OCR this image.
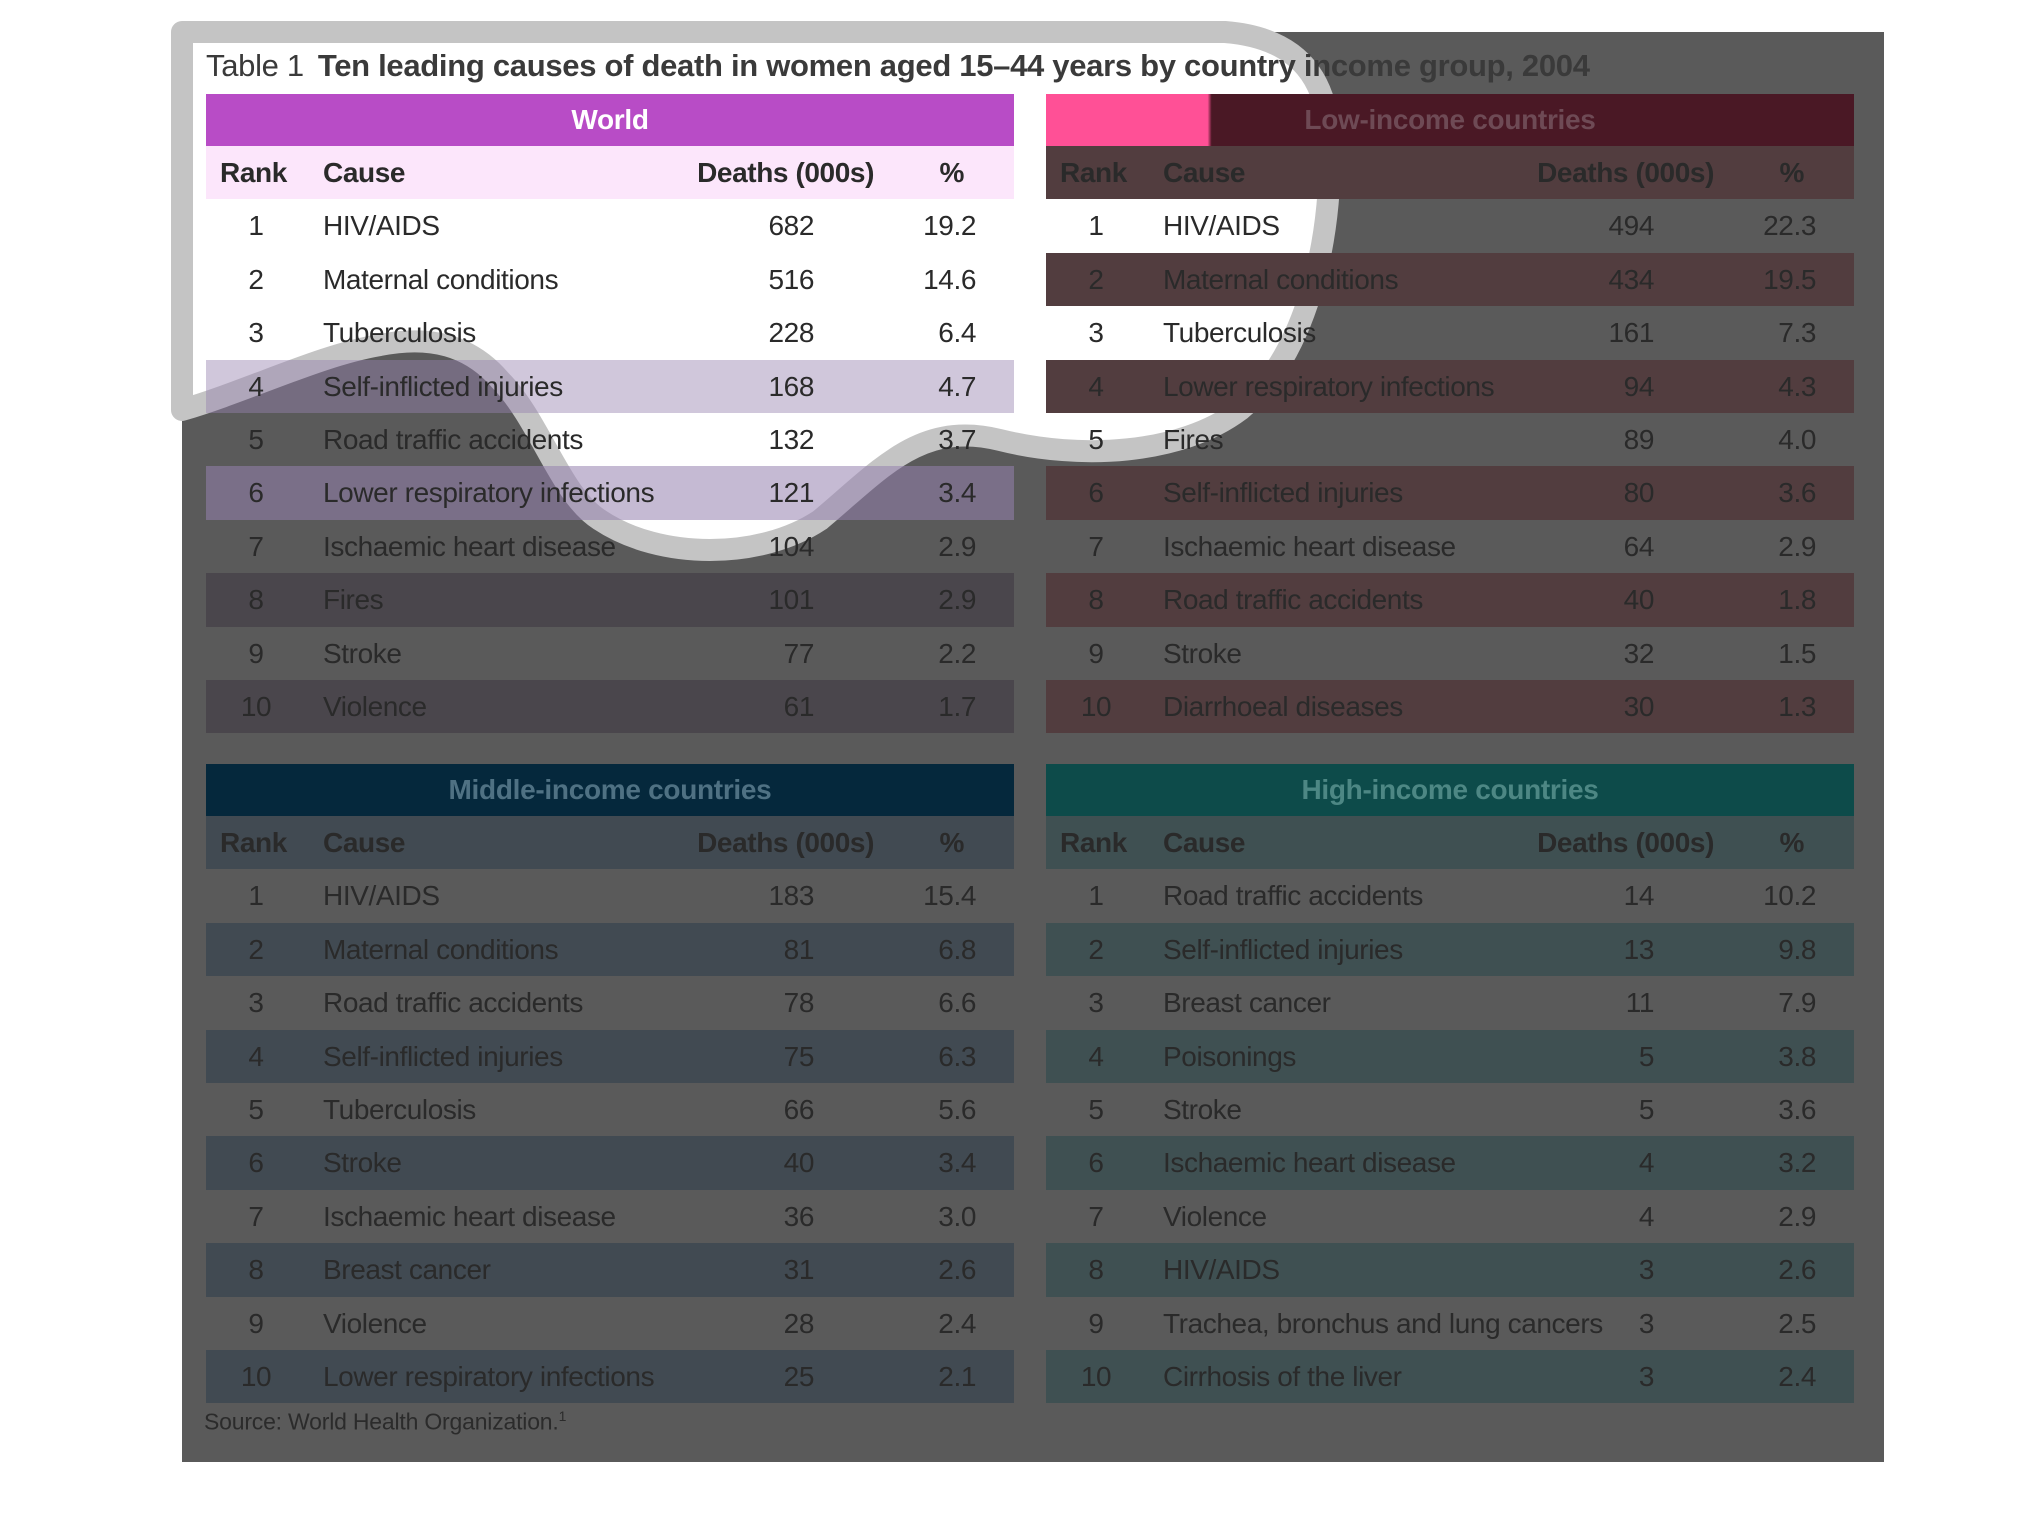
Table 1 Ten leading causes of death in women aged 15–44 years by country income group, 2004
World
Rank Cause	Deaths (000s) %
1	HIV/AIDS	682	19.2
2	Maternal conditions	516	14.6
3	Tuberculosis	228	6.4
4	Self-inflicted injuries	168	4.7
5	Road traffic accidents	132	3.7
6	Lower respiratory infections	121	3.4
7	Ischaemic heart disease	104	2.9
8	Fires	101	2.9
9	Stroke	77	2.2
10	Violence	61	1.7
Low-income countries
Rank Cause	Deaths (000s) %
1	HIV/AIDS	494	22.3
2	Maternal conditions	434	19.5
3	Tuberculosis	161	7.3
4	Lower respiratory infections	94	4.3
5	Fires	89	4.0
6	Self-inflicted injuries	80	3.6
7	Ischaemic heart disease	64	2.9
8	Road traffic accidents	40	1.8
9	Stroke	32	1.5
10	Diarrhoeal diseases	30	1.3
Middle-income countries
Rank Cause	Deaths (000s) %
1	HIV/AIDS	183	15.4
2	Maternal conditions	81	6.8
3	Road traffic accidents	78	6.6
4	Self-inflicted injuries	75	6.3
5	Tuberculosis	66	5.6
6	Stroke	40	3.4
7	Ischaemic heart disease	36	3.0
8	Breast cancer	31	2.6
9	Violence	28	2.4
10	Lower respiratory infections	25	2.1
High-income countries
Rank Cause	Deaths (000s) %
1	Road traffic accidents	14	10.2
2	Self-inflicted injuries	13	9.8
3	Breast cancer	11	7.9
4	Poisonings	5	3.8
5	Stroke	5	3.6
6	Ischaemic heart disease	4	3.2
7	Violence	4	2.9
8	HIV/AIDS	3	2.6
9	Trachea, bronchus and lung cancers 3	2.5
10	Cirrhosis of the liver	3	2.4
Source: World Health Organization.$^1$
